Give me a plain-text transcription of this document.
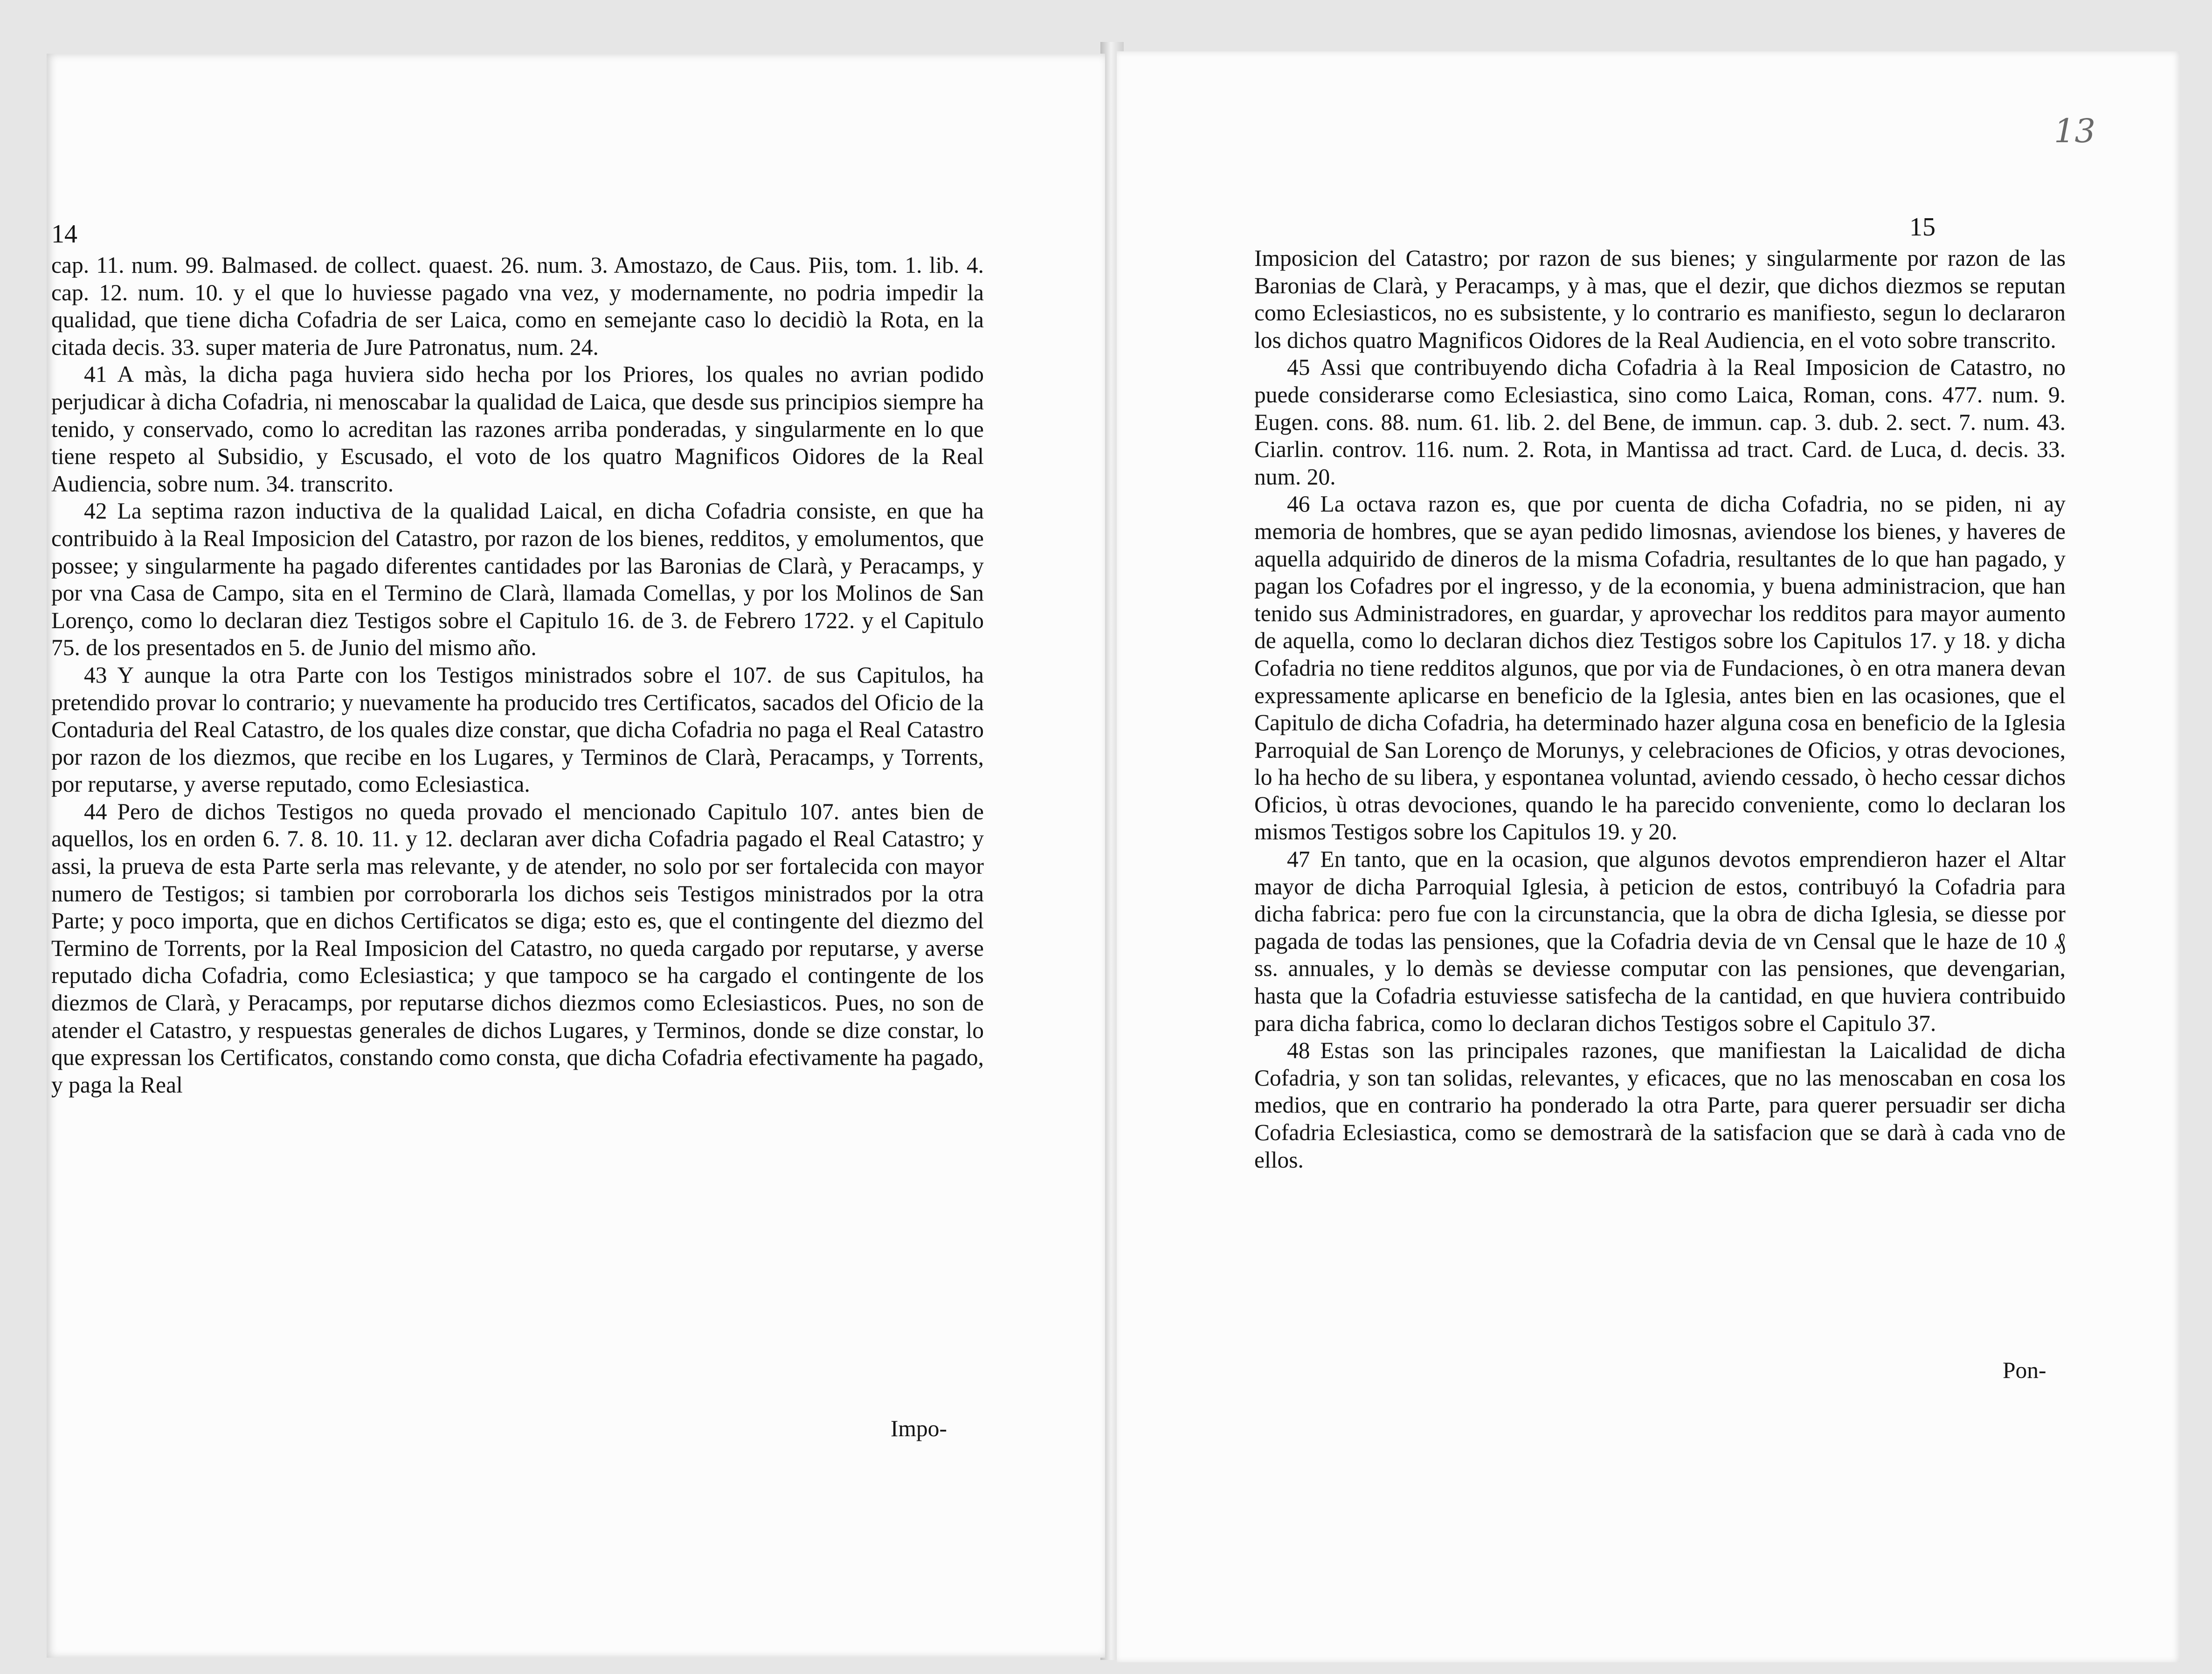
14

cap. 11. num. 99. Balmased. de collect. quaest. 26. num. 3. Amostazo, de Caus. Piis, tom. 1. lib. 4. cap. 12. num. 10. y el que lo huviesse pagado vna vez, y modernamente, no podria impedir la qualidad, que tiene dicha Cofadria de ser Laica, como en semejante caso lo decidiò la Rota, en la citada decis. 33. super materia de Jure Patronatus, num. 24.

41 A màs, la dicha paga huviera sido hecha por los Priores, los quales no avrian podido perjudicar à dicha Cofadria, ni menoscabar la qualidad de Laica, que desde sus principios siempre ha tenido, y conservado, como lo acreditan las razones arriba ponderadas, y singularmente en lo que tiene respeto al Subsidio, y Escusado, el voto de los quatro Magnificos Oidores de la Real Audiencia, sobre num. 34. transcrito.

42 La septima razon inductiva de la qualidad Laical, en dicha Cofadria consiste, en que ha contribuido à la Real Imposicion del Catastro, por razon de los bienes, redditos, y emolumentos, que possee; y singularmente ha pagado diferentes cantidades por las Baronias de Clarà, y Peracamps, y por vna Casa de Campo, sita en el Termino de Clarà, llamada Comellas, y por los Molinos de San Lorenço, como lo declaran diez Testigos sobre el Capitulo 16. de 3. de Febrero 1722. y el Capitulo 75. de los presentados en 5. de Junio del mismo año.

43 Y aunque la otra Parte con los Testigos ministrados sobre el 107. de sus Capitulos, ha pretendido provar lo contrario; y nuevamente ha producido tres Certificatos, sacados del Oficio de la Contaduria del Real Catastro, de los quales dize constar, que dicha Cofadria no paga el Real Catastro por razon de los diezmos, que recibe en los Lugares, y Terminos de Clarà, Peracamps, y Torrents, por reputarse, y averse reputado, como Eclesiastica.

44 Pero de dichos Testigos no queda provado el mencionado Capitulo 107. antes bien de aquellos, los en orden 6. 7. 8. 10. 11. y 12. declaran aver dicha Cofadria pagado el Real Catastro; y assi, la prueva de esta Parte serla mas relevante, y de atender, no solo por ser fortalecida con mayor numero de Testigos; si tambien por corroborarla los dichos seis Testigos ministrados por la otra Parte; y poco importa, que en dichos Certificatos se diga; esto es, que el contingente del diezmo del Termino de Torrents, por la Real Imposicion del Catastro, no queda cargado por reputarse, y averse reputado dicha Cofadria, como Eclesiastica; y que tampoco se ha cargado el contingente de los diezmos de Clarà, y Peracamps, por reputarse dichos diezmos como Eclesiasticos. Pues, no son de atender el Catastro, y respuestas generales de dichos Lugares, y Terminos, donde se dize constar, lo que expressan los Certificatos, constando como consta, que dicha Cofadria efectivamente ha pagado, y paga la Real

Impo-
13
15

Imposicion del Catastro; por razon de sus bienes; y singularmente por razon de las Baronias de Clarà, y Peracamps, y à mas, que el dezir, que dichos diezmos se reputan como Eclesiasticos, no es subsistente, y lo contrario es manifiesto, segun lo declararon los dichos quatro Magnificos Oidores de la Real Audiencia, en el voto sobre transcrito.

45 Assi que contribuyendo dicha Cofadria à la Real Imposicion de Catastro, no puede considerarse como Eclesiastica, sino como Laica, Roman, cons. 477. num. 9. Eugen. cons. 88. num. 61. lib. 2. del Bene, de immun. cap. 3. dub. 2. sect. 7. num. 43. Ciarlin. controv. 116. num. 2. Rota, in Mantissa ad tract. Card. de Luca, d. decis. 33. num. 20.

46 La octava razon es, que por cuenta de dicha Cofadria, no se piden, ni ay memoria de hombres, que se ayan pedido limosnas, aviendose los bienes, y haveres de aquella adquirido de dineros de la misma Cofadria, resultantes de lo que han pagado, y pagan los Cofadres por el ingresso, y de la economia, y buena administracion, que han tenido sus Administradores, en guardar, y aprovechar los redditos para mayor aumento de aquella, como lo declaran dichos diez Testigos sobre los Capitulos 17. y 18. y dicha Cofadria no tiene redditos algunos, que por via de Fundaciones, ò en otra manera devan expressamente aplicarse en beneficio de la Iglesia, antes bien en las ocasiones, que el Capitulo de dicha Cofadria, ha determinado hazer alguna cosa en beneficio de la Iglesia Parroquial de San Lorenço de Morunys, y celebraciones de Oficios, y otras devociones, lo ha hecho de su libera, y espontanea voluntad, aviendo cessado, ò hecho cessar dichos Oficios, ù otras devociones, quando le ha parecido conveniente, como lo declaran los mismos Testigos sobre los Capitulos 19. y 20.

47 En tanto, que en la ocasion, que algunos devotos emprendieron hazer el Altar mayor de dicha Parroquial Iglesia, à peticion de estos, contribuyó la Cofadria para dicha fabrica: pero fue con la circunstancia, que la obra de dicha Iglesia, se diesse por pagada de todas las pensiones, que la Cofadria devia de vn Censal que le haze de 10 ₰ ss. annuales, y lo demàs se deviesse computar con las pensiones, que devengarian, hasta que la Cofadria estuviesse satisfecha de la cantidad, en que huviera contribuido para dicha fabrica, como lo declaran dichos Testigos sobre el Capitulo 37.

48 Estas son las principales razones, que manifiestan la Laicalidad de dicha Cofadria, y son tan solidas, relevantes, y eficaces, que no las menoscaban en cosa los medios, que en contrario ha ponderado la otra Parte, para querer persuadir ser dicha Cofadria Eclesiastica, como se demostrarà de la satisfacion que se darà à cada vno de ellos.

Pon-
